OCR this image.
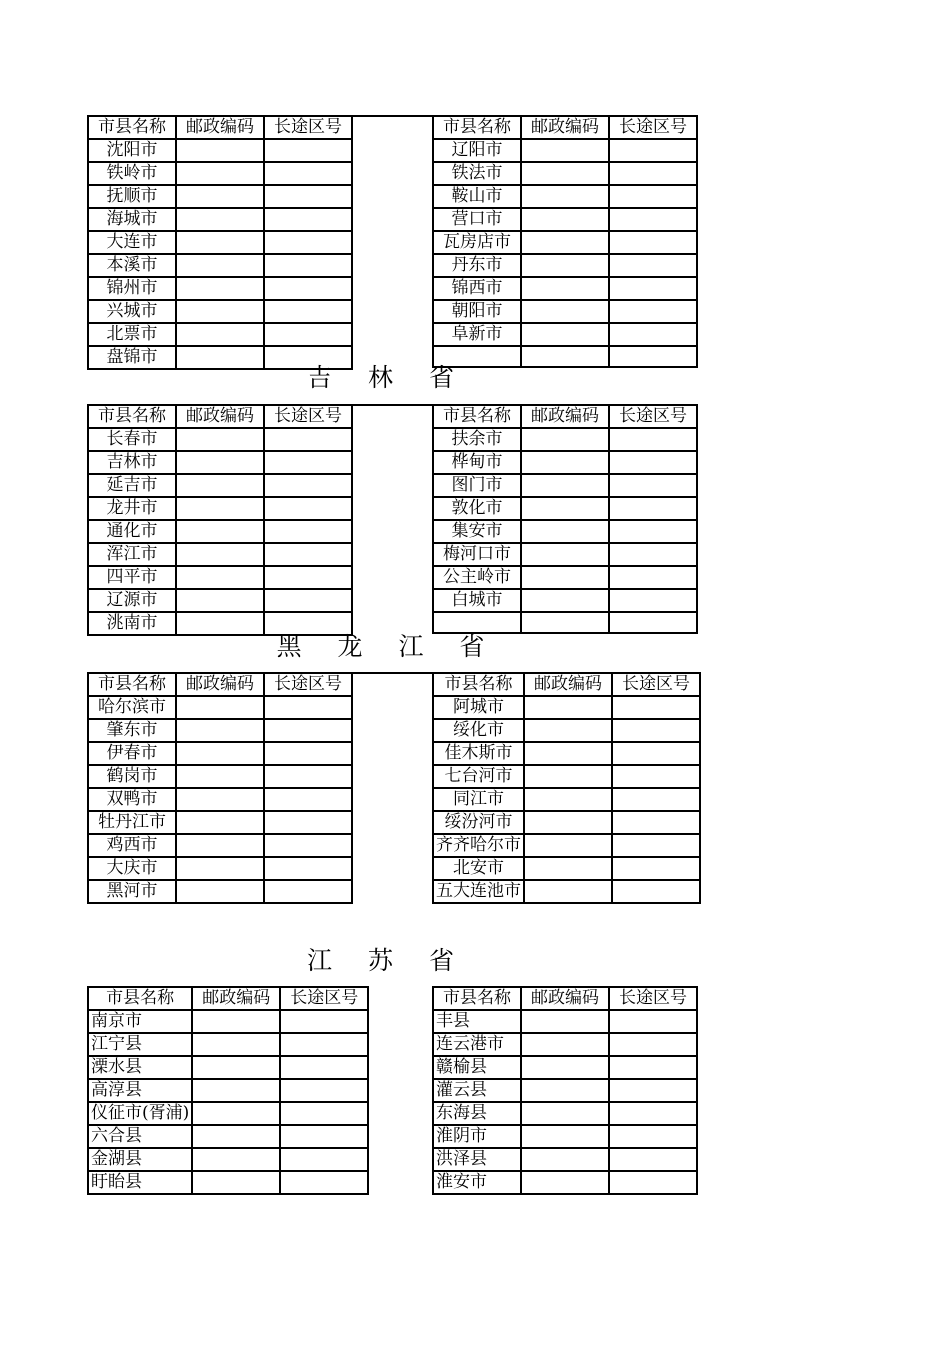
市县名称	邮政编码	长途区号
沈阳市		
铁岭市		
抚顺市		
海城市		
大连市		
本溪市		
锦州市		
兴城市		
北票市		
盘锦市		
市县名称	邮政编码	长途区号
辽阳市		
铁法市		
鞍山市		
营口市		
瓦房店市		
丹东市		
锦西市		
朝阳市		
阜新市		

吉 林 省
市县名称	邮政编码	长途区号
长春市		
吉林市		
延吉市		
龙井市		
通化市		
浑江市		
四平市		
辽源市		
洮南市		
市县名称	邮政编码	长途区号
扶余市		
桦甸市		
图门市		
敦化市		
集安市		
梅河口市		
公主岭市		
白城市		

黑 龙 江 省
市县名称	邮政编码	长途区号
哈尔滨市		
肇东市		
伊春市		
鹤岗市		
双鸭市		
牡丹江市		
鸡西市		
大庆市		
黑河市		
市县名称	邮政编码	长途区号
阿城市		
绥化市		
佳木斯市		
七台河市		
同江市		
绥汾河市		
齐齐哈尔市		
北安市		
五大连池市		
江 苏 省
市县名称	邮政编码	长途区号
南京市		
江宁县		
溧水县		
高淳县		
仪征市(胥浦)		
六合县		
金湖县		
盱眙县		
市县名称	邮政编码	长途区号
丰县		
连云港市		
赣榆县		
灌云县		
东海县		
淮阴市		
洪泽县		
淮安市		
